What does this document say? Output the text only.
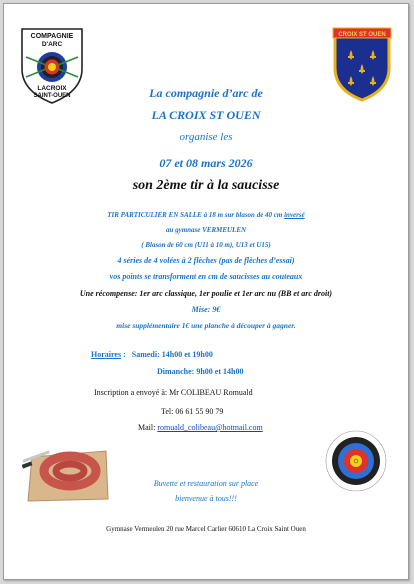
COMPAGNIE
D'ARC
LACROIX
SAINT-OUEN
CROIX ST OUEN
La compagnie d’arc de
LA CROIX ST OUEN
organise les
07 et 08 mars 2026
son 2ème tir à la saucisse
TIR PARTICULIER EN SALLE à 18 m sur blason de 40 cm inversé
au gymnase VERMEULEN
( Blason de 60 cm (U11 à 10 m), U13 et U15)
4 séries de 4 volées à 2 flèches (pas de flèches d’essai)
vos points se transforment en cm de saucisses au couteaux
Une récompense: 1er arc classique, 1er poulie et 1er arc nu (BB et arc droit)
Mise: 9€
mise supplémentaire 1€ une planche à découper à gagner.
Horaires : Samedi: 14h00 et 19h00
Dimanche: 9h00 et 14h00
Inscription a envoyé à: Mr COLIBEAU Romuald
Tel: 06 61 55 90 79
Mail: romuald_colibeau@hotmail.com
Buvette et restauration sur place
bienvenue à tous!!!
Gymnase Vermeulen 20 rue Marcel Carlier 60610 La Croix Saint Ouen
